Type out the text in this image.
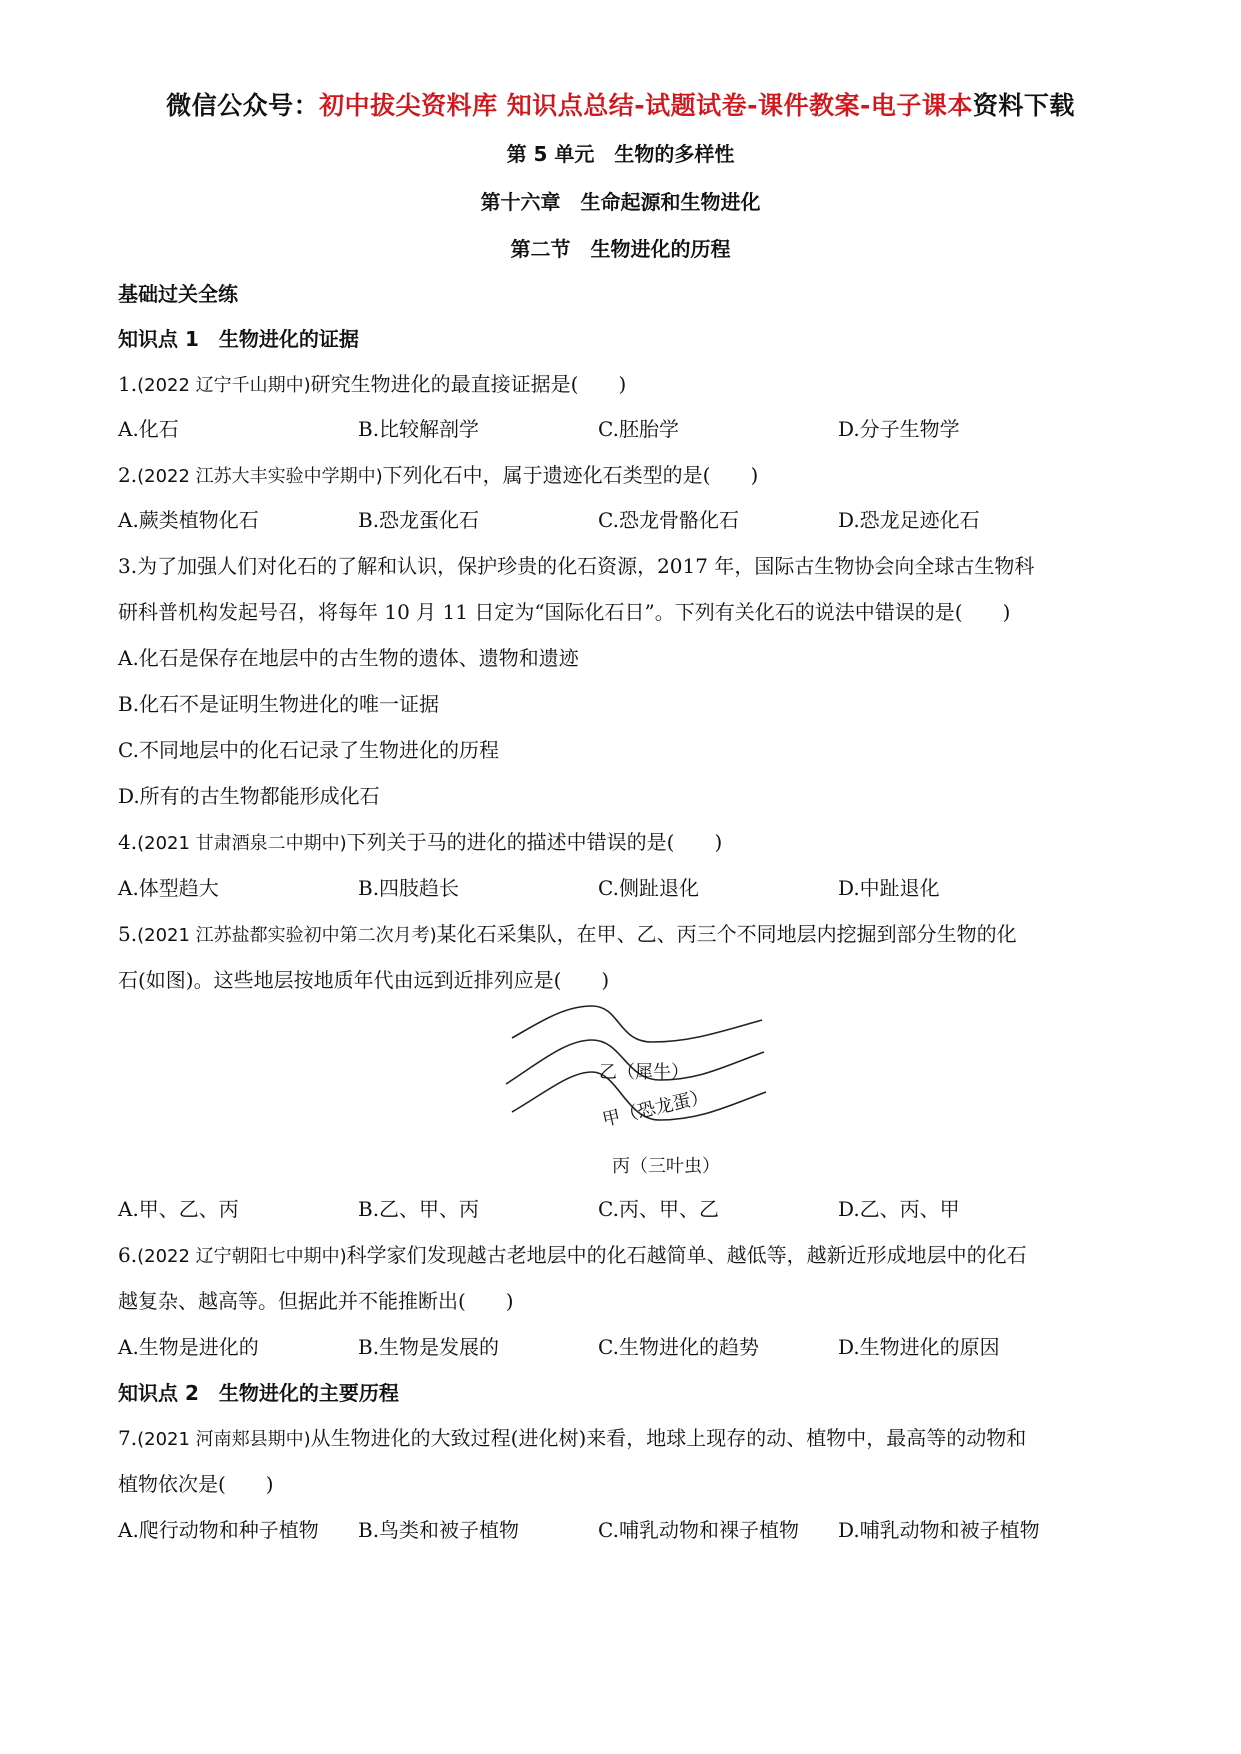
微信公众号：初中拔尖资料库 知识点总结-试题试卷-课件教案-电子课本资料下载
第 5 单元　生物的多样性
第十六章　生命起源和生物进化
第二节　生物进化的历程
基础过关全练
知识点 1　生物进化的证据
1.(2022 辽宁千山期中)研究生物进化的最直接证据是(　　)
A.化石	B.比较解剖学	C.胚胎学	D.分子生物学
2.(2022 江苏大丰实验中学期中)下列化石中，属于遗迹化石类型的是(　　)
A.蕨类植物化石	B.恐龙蛋化石	C.恐龙骨骼化石	D.恐龙足迹化石
3.为了加强人们对化石的了解和认识，保护珍贵的化石资源，2017 年，国际古生物协会向全球古生物科
研科普机构发起号召，将每年 10 月 11 日定为“国际化石日”。下列有关化石的说法中错误的是(　　)
A.化石是保存在地层中的古生物的遗体、遗物和遗迹
B.化石不是证明生物进化的唯一证据
C.不同地层中的化石记录了生物进化的历程
D.所有的古生物都能形成化石
4.(2021 甘肃酒泉二中期中)下列关于马的进化的描述中错误的是(　　)
A.体型趋大	B.四肢趋长	C.侧趾退化	D.中趾退化
5.(2021 江苏盐都实验初中第二次月考)某化石采集队，在甲、乙、丙三个不同地层内挖掘到部分生物的化
石(如图)。这些地层按地质年代由远到近排列应是(　　)
乙（犀牛）
甲（恐龙蛋）
丙（三叶虫）
A.甲、乙、丙	B.乙、甲、丙	C.丙、甲、乙	D.乙、丙、甲
6.(2022 辽宁朝阳七中期中)科学家们发现越古老地层中的化石越简单、越低等，越新近形成地层中的化石
越复杂、越高等。但据此并不能推断出(　　)
A.生物是进化的	B.生物是发展的	C.生物进化的趋势	D.生物进化的原因
知识点 2　生物进化的主要历程
7.(2021 河南郏县期中)从生物进化的大致过程(进化树)来看，地球上现存的动、植物中，最高等的动物和
植物依次是(　　)
A.爬行动物和种子植物 B.鸟类和被子植物	C.哺乳动物和裸子植物 D.哺乳动物和被子植物
